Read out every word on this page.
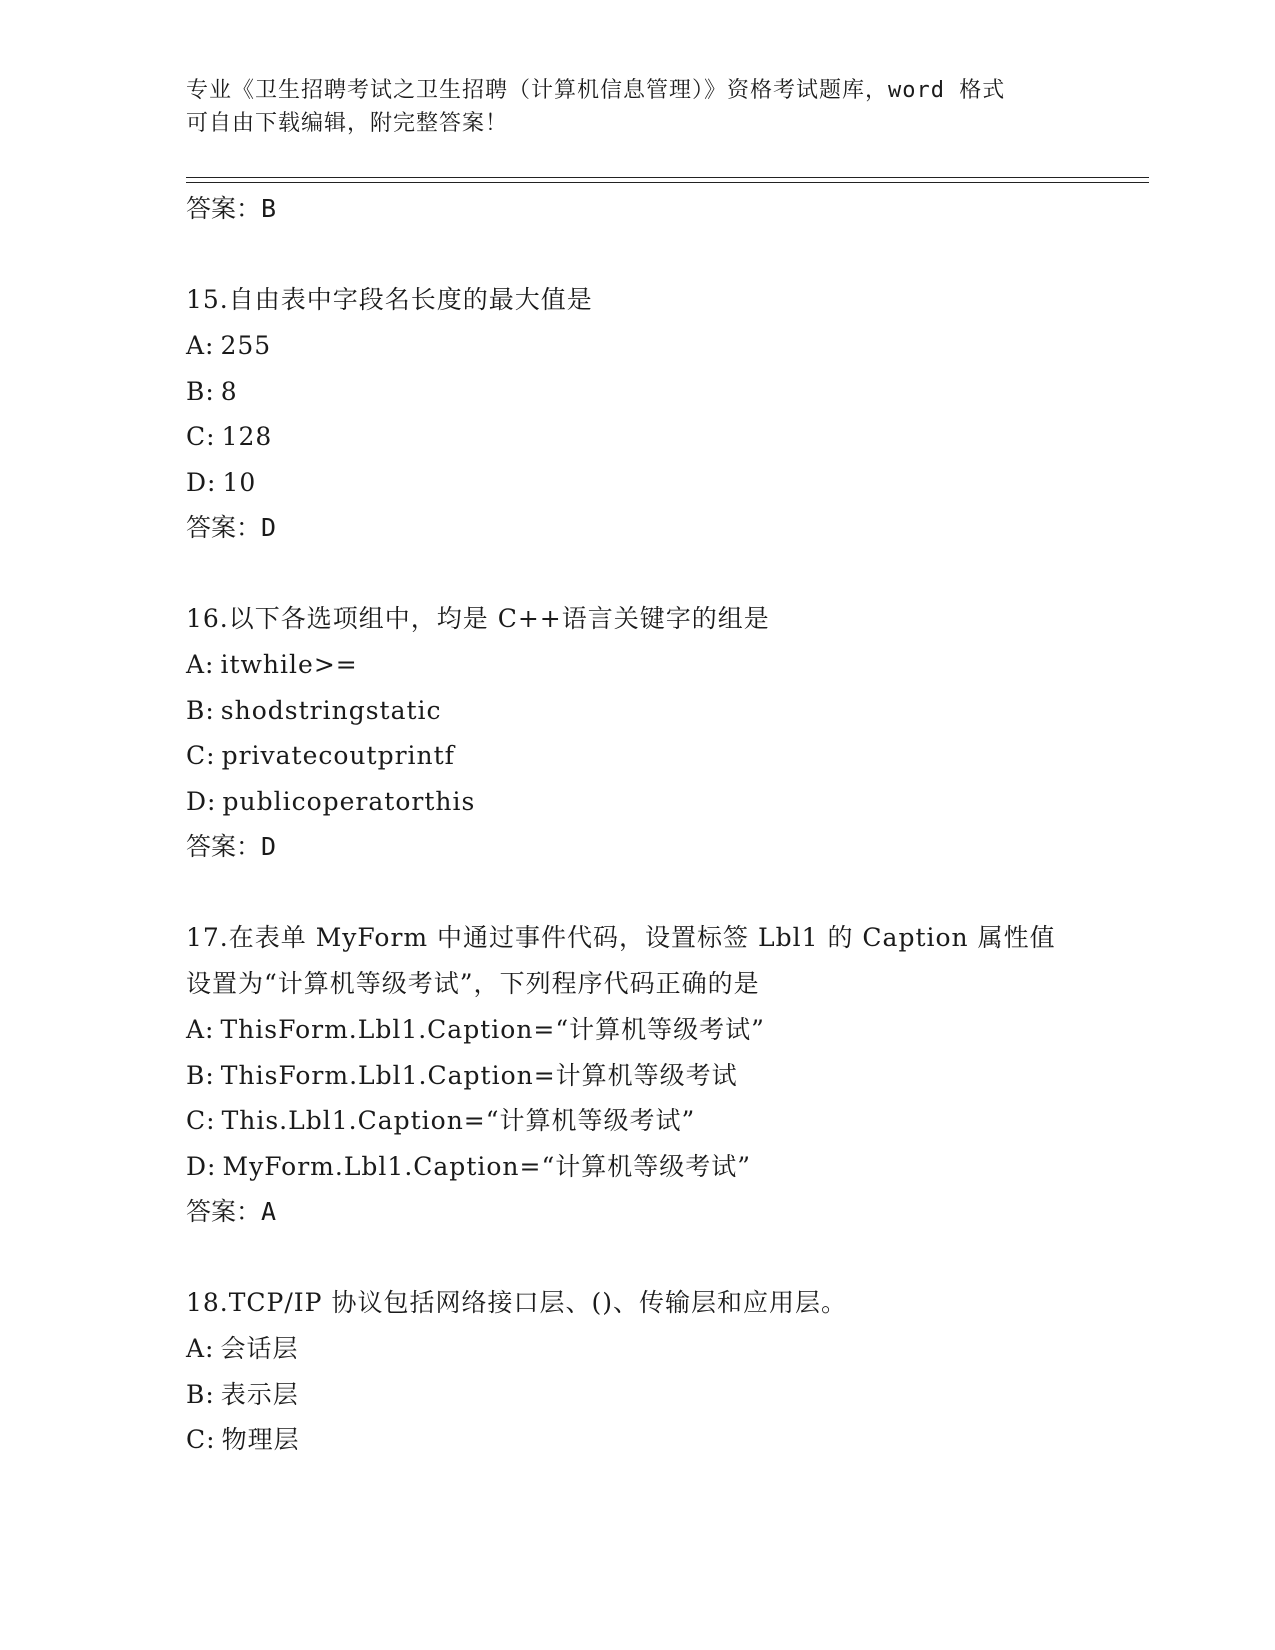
专业《卫生招聘考试之卫生招聘（计算机信息管理）》资格考试题库，word 格式
可自由下载编辑，附完整答案！
答案：B
15.自由表中字段名长度的最大值是
A: 255
B: 8
C: 128
D: 10
答案：D
16.以下各选项组中，均是 C++语言关键字的组是
A: itwhile>=
B: shodstringstatic
C: privatecoutprintf
D: publicoperatorthis
答案：D
17.在表单 MyForm 中通过事件代码，设置标签 Lbl1 的 Caption 属性值
设置为“计算机等级考试”，下列程序代码正确的是
A: ThisForm.Lbl1.Caption=“计算机等级考试”
B: ThisForm.Lbl1.Caption=计算机等级考试
C: This.Lbl1.Caption=“计算机等级考试”
D: MyForm.Lbl1.Caption=“计算机等级考试”
答案：A
18.TCP/IP 协议包括网络接口层、()、传输层和应用层。
A: 会话层
B: 表示层
C: 物理层
